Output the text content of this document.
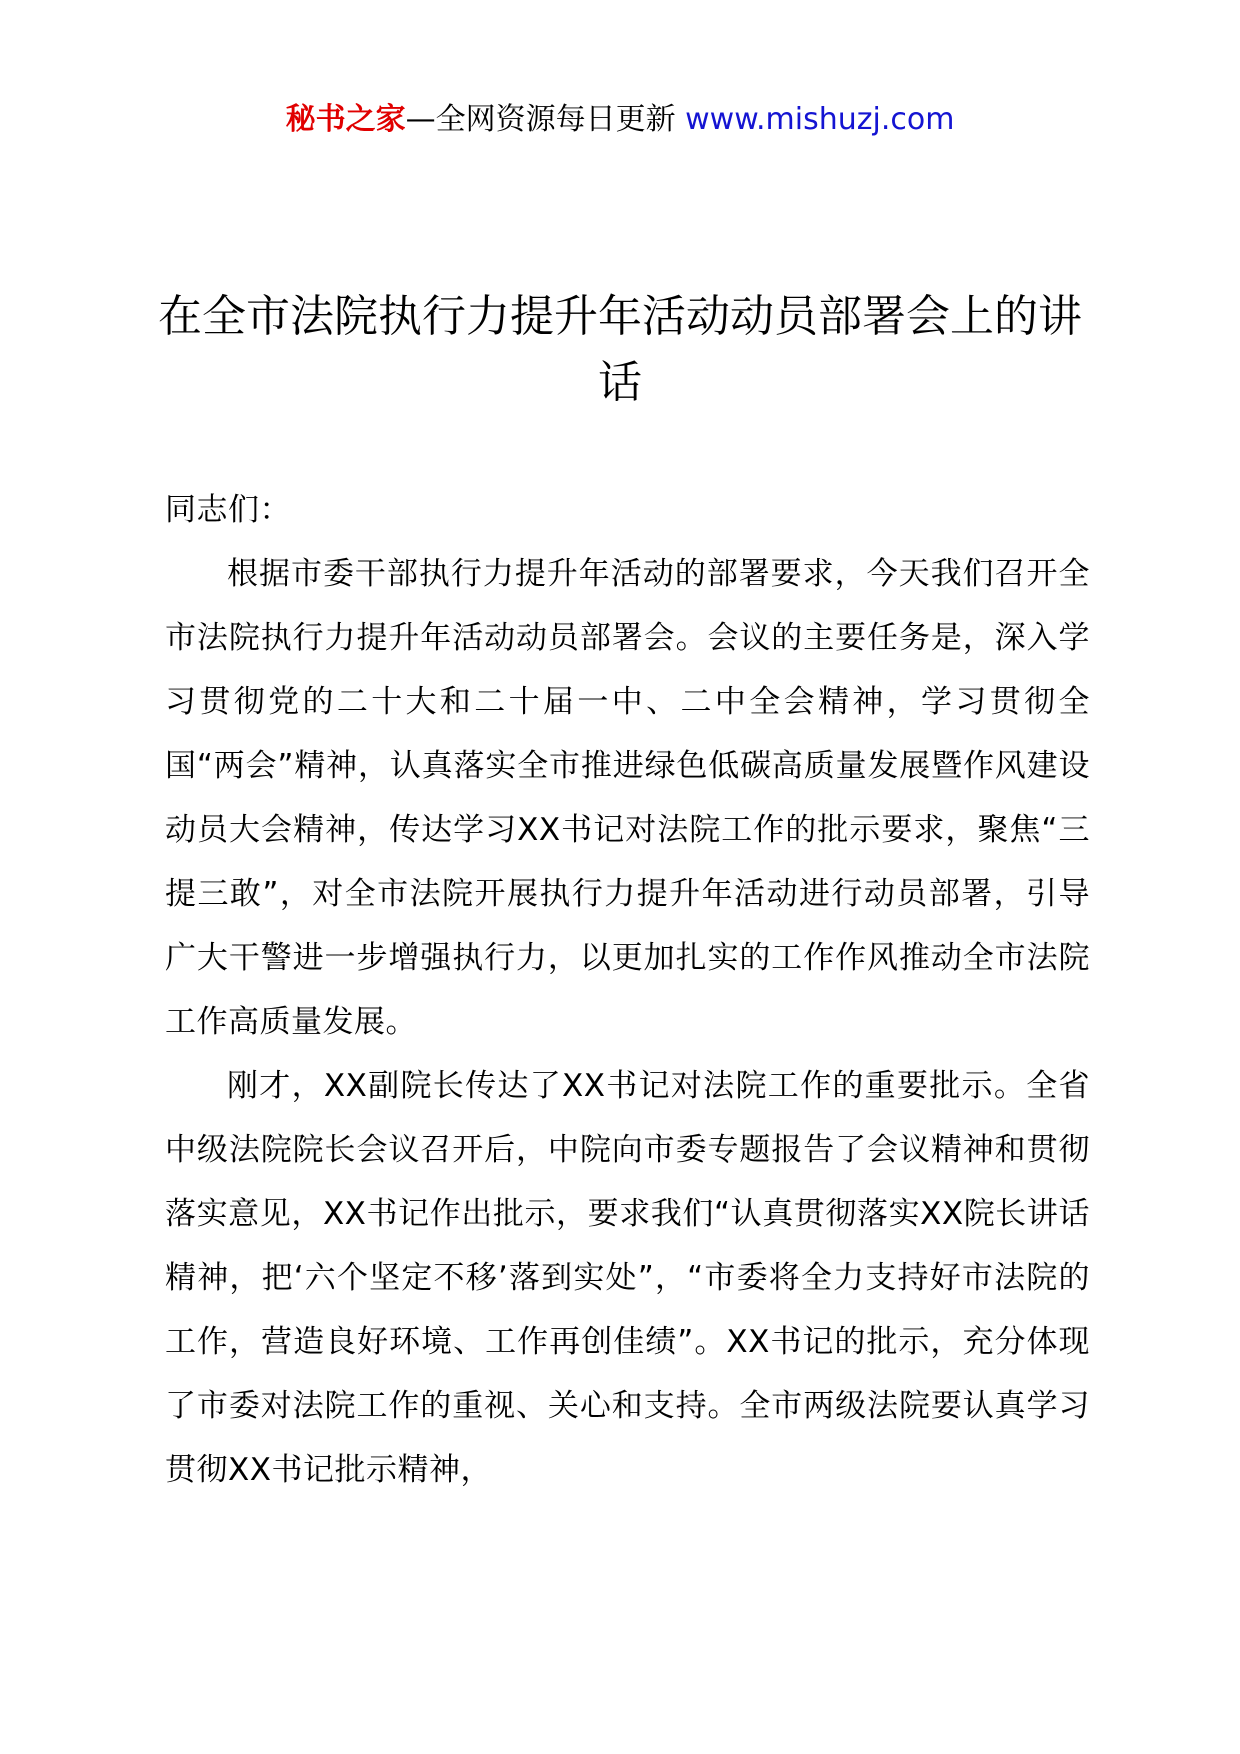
秘书之家—全网资源每日更新 www.mishuzj.com
在全市法院执行力提升年活动动员部署会上的讲话

同志们：

根据市委干部执行力提升年活动的部署要求，今天我们召开全市法院执行力提升年活动动员部署会。会议的主要任务是，深入学习贯彻党的二十大和二十届一中、二中全会精神，学习贯彻全国“两会”精神，认真落实全市推进绿色低碳高质量发展暨作风建设动员大会精神，传达学习XX书记对法院工作的批示要求，聚焦“三提三敢”，对全市法院开展执行力提升年活动进行动员部署，引导广大干警进一步增强执行力，以更加扎实的工作作风推动全市法院工作高质量发展。

刚才，XX副院长传达了XX书记对法院工作的重要批示。全省中级法院院长会议召开后，中院向市委专题报告了会议精神和贯彻落实意见，XX书记作出批示，要求我们“认真贯彻落实XX院长讲话精神，把‘六个坚定不移’落到实处”，“市委将全力支持好市法院的工作，营造良好环境、工作再创佳绩”。XX书记的批示，充分体现了市委对法院工作的重视、关心和支持。全市两级法院要认真学习贯彻XX书记批示精神，
